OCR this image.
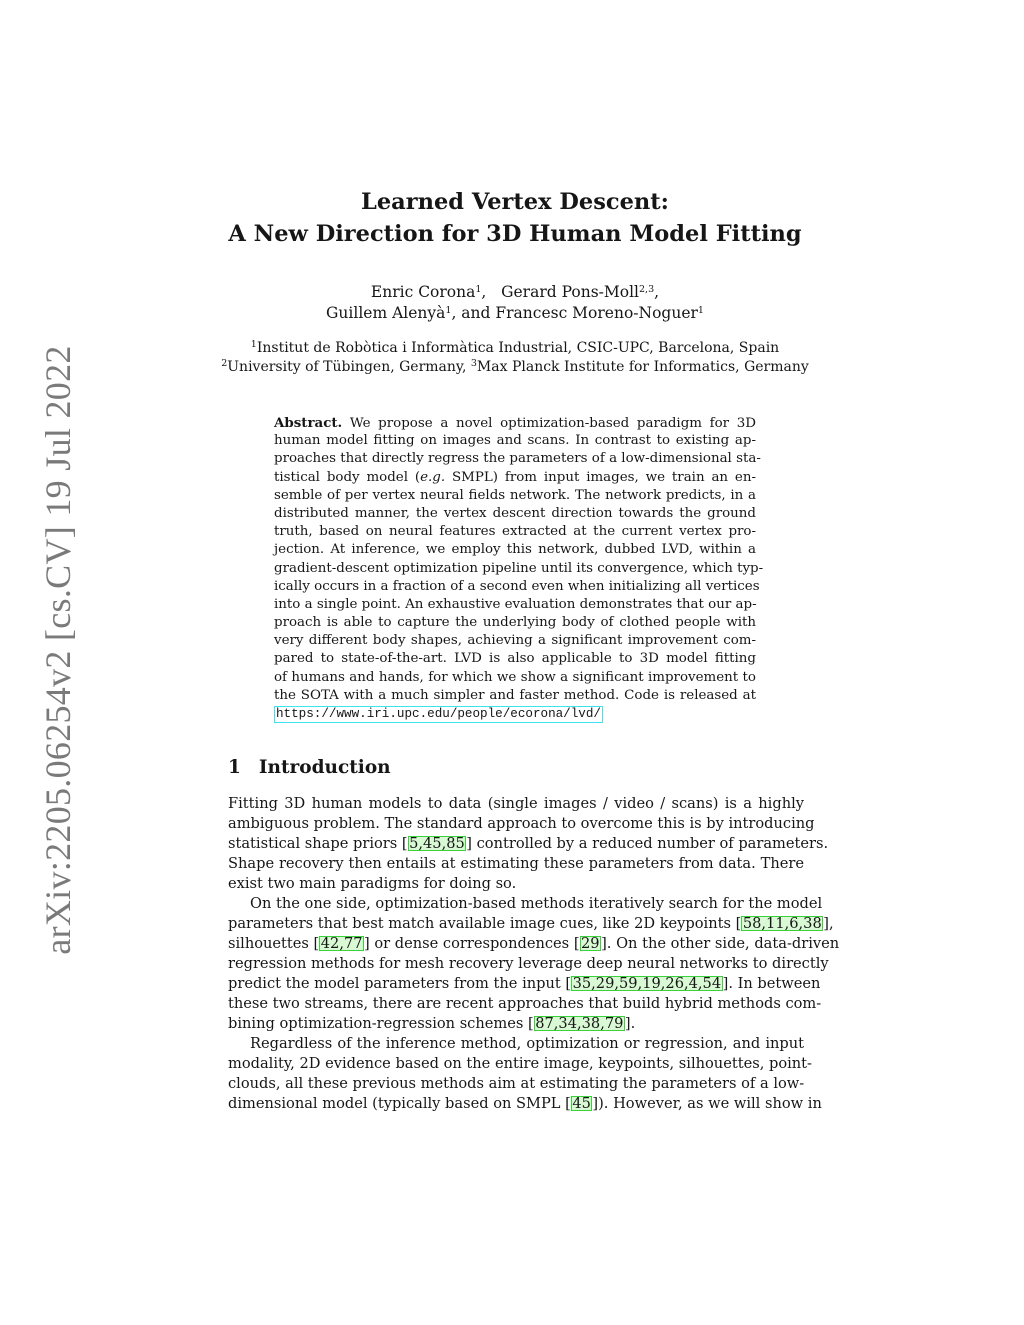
arXiv:2205.06254v2 [cs.CV] 19 Jul 2022
Learned Vertex Descent:
A New Direction for 3D Human Model Fitting
Enric Corona$^1$,   Gerard Pons-Moll$^{2,3}$,
Guillem Alenyà$^1$, and Francesc Moreno-Noguer$^1$
$^1$Institut de Robòtica i Informàtica Industrial, CSIC-UPC, Barcelona, Spain
$^2$University of Tübingen, Germany, $^3$Max Planck Institute for Informatics, Germany
Abstract. We propose a novel optimization-based paradigm for 3D
human model fitting on images and scans. In contrast to existing ap-
proaches that directly regress the parameters of a low-dimensional sta-
tistical body model (e.g. SMPL) from input images, we train an en-
semble of per vertex neural fields network. The network predicts, in a
distributed manner, the vertex descent direction towards the ground
truth, based on neural features extracted at the current vertex pro-
jection. At inference, we employ this network, dubbed LVD, within a
gradient-descent optimization pipeline until its convergence, which typ-
ically occurs in a fraction of a second even when initializing all vertices
into a single point. An exhaustive evaluation demonstrates that our ap-
proach is able to capture the underlying body of clothed people with
very different body shapes, achieving a significant improvement com-
pared to state-of-the-art. LVD is also applicable to 3D model fitting
of humans and hands, for which we show a significant improvement to
the SOTA with a much simpler and faster method. Code is released at
https://www.iri.upc.edu/people/ecorona/lvd/
1 Introduction
Fitting 3D human models to data (single images / video / scans) is a highly
ambiguous problem. The standard approach to overcome this is by introducing
statistical shape priors [ 5,45,85 ] controlled by a reduced number of parameters.
Shape recovery then entails at estimating these parameters from data. There
exist two main paradigms for doing so.
On the one side, optimization-based methods iteratively search for the model
parameters that best match available image cues, like 2D keypoints [ 58,11,6,38 ],
silhouettes [ 42,77 ] or dense correspondences [ 29 ]. On the other side, data-driven
regression methods for mesh recovery leverage deep neural networks to directly
predict the model parameters from the input [ 35,29,59,19,26,4,54 ]. In between
these two streams, there are recent approaches that build hybrid methods com-
bining optimization-regression schemes [ 87,34,38,79 ].
Regardless of the inference method, optimization or regression, and input
modality, 2D evidence based on the entire image, keypoints, silhouettes, point-
clouds, all these previous methods aim at estimating the parameters of a low-
dimensional model (typically based on SMPL [ 45 ]). However, as we will show in
